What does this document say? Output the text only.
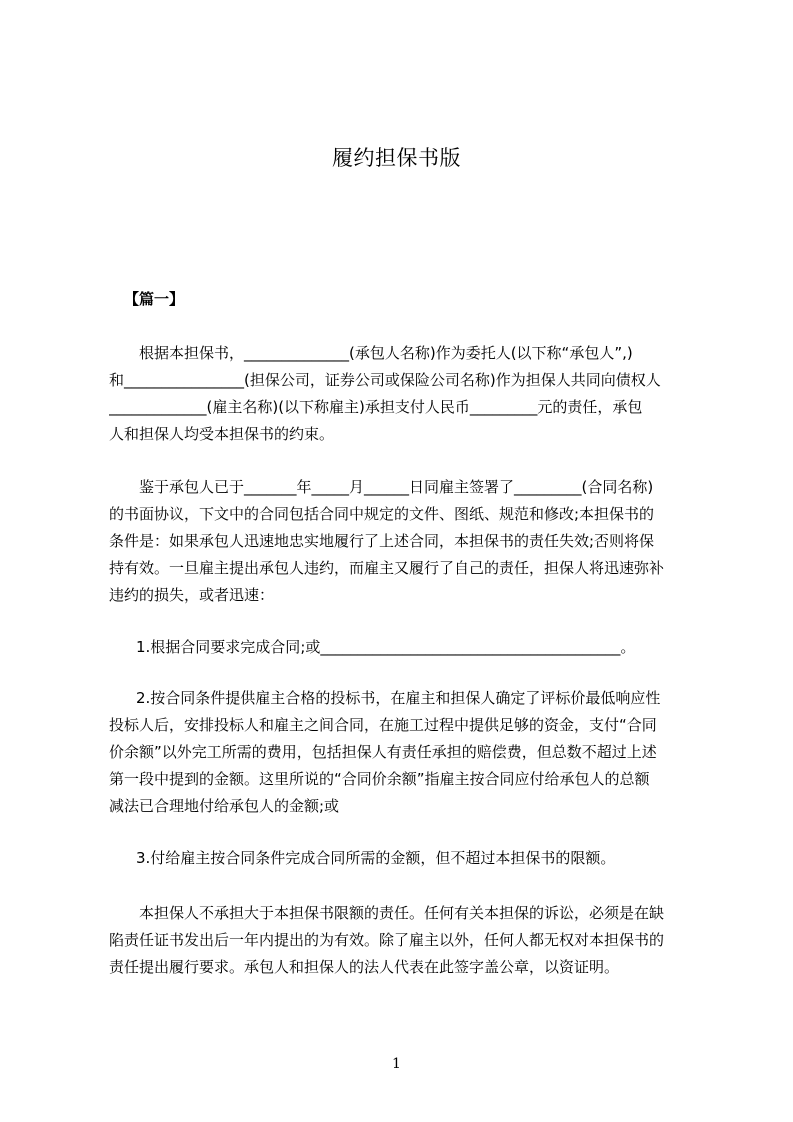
履约担保书版
【篇一】
根据本担保书，______________(承包人名称)作为委托人(以下称“承包人”,)
和________________(担保公司，证券公司或保险公司名称)作为担保人共同向债权人
_____________(雇主名称)(以下称雇主)承担支付人民币_________元的责任，承包
人和担保人均受本担保书的约束。
鉴于承包人已于_______年_____月______日同雇主签署了_________(合同名称)
的书面协议，下文中的合同包括合同中规定的文件、图纸、规范和修改;本担保书的
条件是：如果承包人迅速地忠实地履行了上述合同，本担保书的责任失效;否则将保
持有效。一旦雇主提出承包人违约，而雇主又履行了自己的责任，担保人将迅速弥补
违约的损失，或者迅速：
1.根据合同要求完成合同;或________________________________________。
2.按合同条件提供雇主合格的投标书，在雇主和担保人确定了评标价最低响应性
投标人后，安排投标人和雇主之间合同，在施工过程中提供足够的资金，支付“合同
价余额”以外完工所需的费用，包括担保人有责任承担的赔偿费，但总数不超过上述
第一段中提到的金额。这里所说的“合同价余额”指雇主按合同应付给承包人的总额
减法已合理地付给承包人的金额;或
3.付给雇主按合同条件完成合同所需的金额，但不超过本担保书的限额。
本担保人不承担大于本担保书限额的责任。任何有关本担保的诉讼，必须是在缺
陷责任证书发出后一年内提出的为有效。除了雇主以外，任何人都无权对本担保书的
责任提出履行要求。承包人和担保人的法人代表在此签字盖公章，以资证明。
1
